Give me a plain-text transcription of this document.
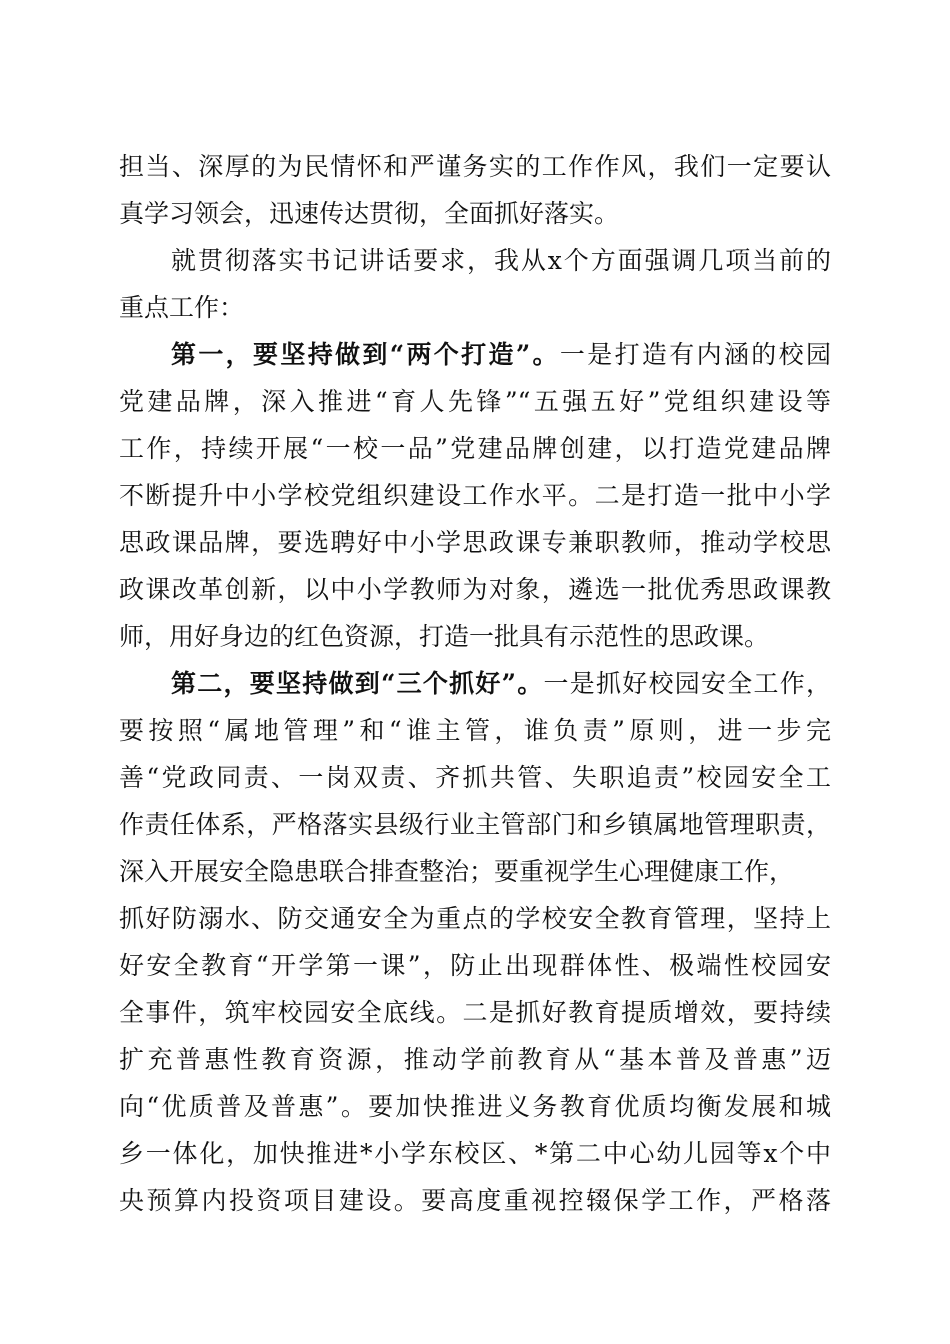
担当、深厚的为民情怀和严谨务实的工作作风，我们一定要认
真学习领会，迅速传达贯彻，全面抓好落实。
就贯彻落实书记讲话要求，我从x个方面强调几项当前的
重点工作：
第一，要坚持做到“两个打造”。一是打造有内涵的校园
党建品牌，深入推进“育人先锋”“五强五好”党组织建设等
工作，持续开展“一校一品”党建品牌创建，以打造党建品牌
不断提升中小学校党组织建设工作水平。二是打造一批中小学
思政课品牌，要选聘好中小学思政课专兼职教师，推动学校思
政课改革创新，以中小学教师为对象，遴选一批优秀思政课教
师，用好身边的红色资源，打造一批具有示范性的思政课。
第二，要坚持做到“三个抓好”。一是抓好校园安全工作，
要按照“属地管理”和“谁主管，谁负责”原则，进一步完
善“党政同责、一岗双责、齐抓共管、失职追责”校园安全工
作责任体系，严格落实县级行业主管部门和乡镇属地管理职责，
深入开展安全隐患联合排查整治；要重视学生心理健康工作，
抓好防溺水、防交通安全为重点的学校安全教育管理，坚持上
好安全教育“开学第一课”，防止出现群体性、极端性校园安
全事件，筑牢校园安全底线。二是抓好教育提质增效，要持续
扩充普惠性教育资源，推动学前教育从“基本普及普惠”迈
向“优质普及普惠”。要加快推进义务教育优质均衡发展和城
乡一体化，加快推进*小学东校区、*第二中心幼儿园等x个中
央预算内投资项目建设。要高度重视控辍保学工作，严格落
